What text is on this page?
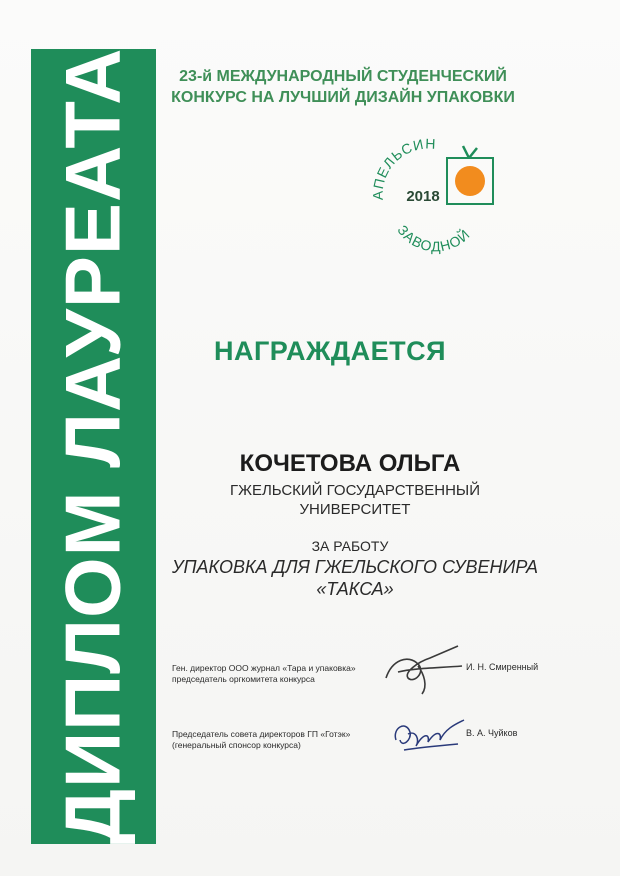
ДИПЛОМ ЛАУРЕАТА	23-й МЕЖДУНАРОДНЫЙ СТУДЕНЧЕСКИЙ
КОНКУРС НА ЛУЧШИЙ ДИЗАЙН УПАКОВКИ
АПЕЛЬСИН
ЗАВОДНОЙ
2018
НАГРАЖДАЕТСЯ
КОЧЕТОВА ОЛЬГА
ГЖЕЛЬСКИЙ ГОСУДАРСТВЕННЫЙ
УНИВЕРСИТЕТ
ЗА РАБОТУ
УПАКОВКА ДЛЯ ГЖЕЛЬСКОГО СУВЕНИРА
«ТАКСА»
Ген. директор ООО журнал «Тара и упаковка»
председатель оргкомитета конкурса
И. Н. Смиренный
Председатель совета директоров ГП «Готэк»
(генеральный спонсор конкурса)
В. А. Чуйков
